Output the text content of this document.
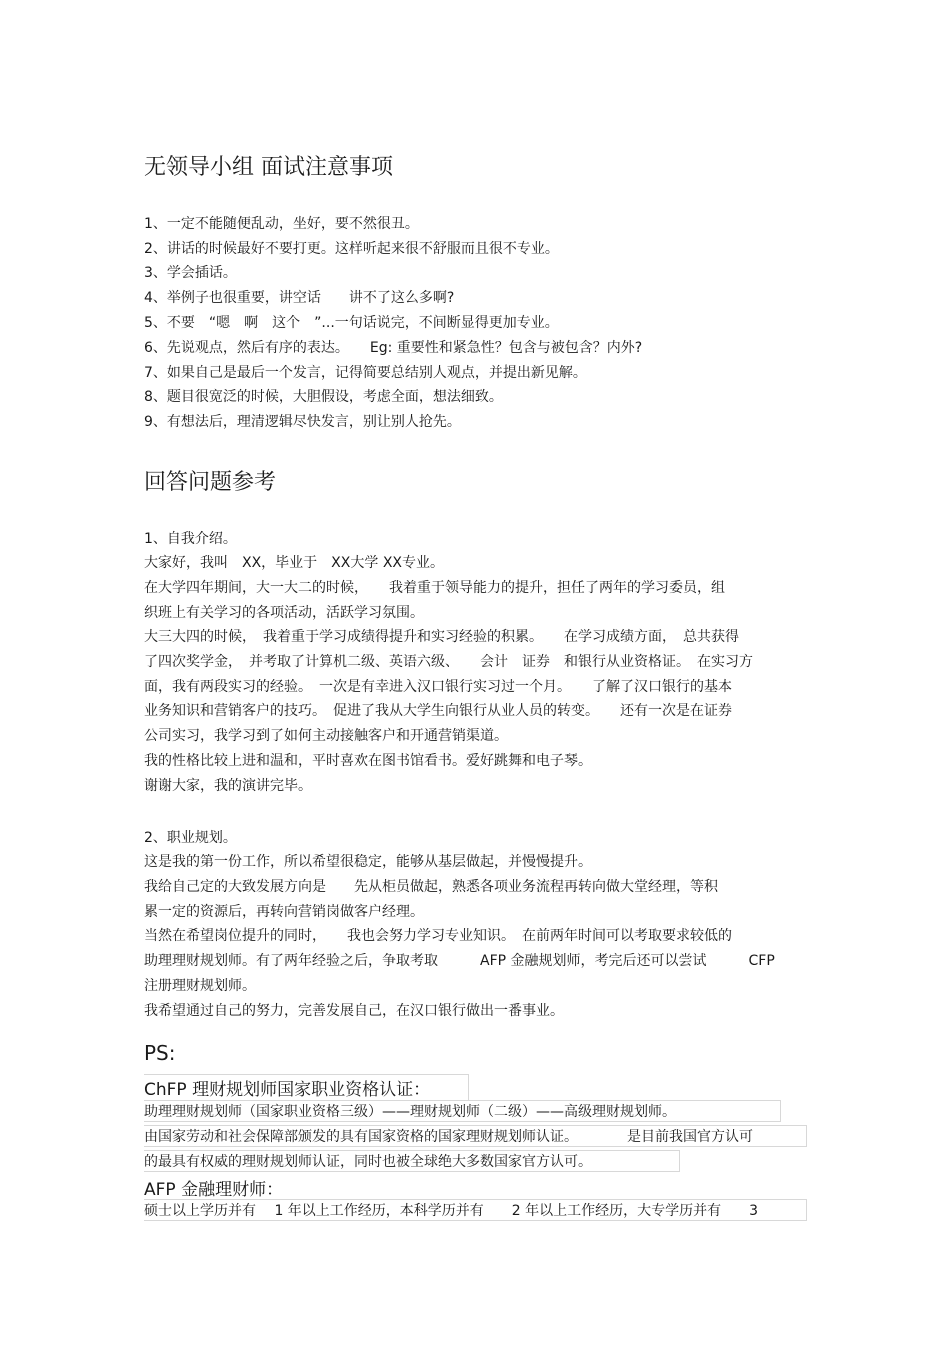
无领导小组 面试注意事项
1、一定不能随便乱动，坐好，要不然很丑。
2、讲话的时候最好不要打更。这样听起来很不舒服而且很不专业。
3、学会插话。
4、举例子也很重要，讲空话　　讲不了这么多啊?
5、不要　“嗯　啊　这个　”...一句话说完，不间断显得更加专业。
6、先说观点，然后有序的表达。　　Eg: 重要性和紧急性？包含与被包含？内外?
7、如果自己是最后一个发言，记得简要总结别人观点，并提出新见解。
8、题目很宽泛的时候，大胆假设，考虑全面，想法细致。
9、有想法后，理清逻辑尽快发言，别让别人抢先。
回答问题参考
1、自我介绍。
大家好，我叫　XX，毕业于　XX大学 XX专业。
在大学四年期间，大一大二的时候，　　我着重于领导能力的提升，担任了两年的学习委员，组
织班上有关学习的各项活动，活跃学习氛围。
大三大四的时候，　我着重于学习成绩得提升和实习经验的积累。　　在学习成绩方面，　总共获得
了四次奖学金，　并考取了计算机二级、英语六级、　　会计　证券　和银行从业资格证。　在实习方
面，我有两段实习的经验。　一次是有幸进入汉口银行实习过一个月。　　了解了汉口银行的基本
业务知识和营销客户的技巧。　促进了我从大学生向银行从业人员的转变。　　还有一次是在证券
公司实习，我学习到了如何主动接触客户和开通营销渠道。
我的性格比较上进和温和，平时喜欢在图书馆看书。爱好跳舞和电子琴。
谢谢大家，我的演讲完毕。
2、职业规划。
这是我的第一份工作，所以希望很稳定，能够从基层做起，并慢慢提升。
我给自己定的大致发展方向是　　先从柜员做起，熟悉各项业务流程再转向做大堂经理，等积
累一定的资源后，再转向营销岗做客户经理。
当然在希望岗位提升的同时，　　我也会努力学习专业知识。　在前两年时间可以考取要求较低的
助理理财规划师。有了两年经验之后，争取考取　　　AFP 金融规划师，考完后还可以尝试　　　CFP
注册理财规划师。
我希望通过自己的努力，完善发展自己，在汉口银行做出一番事业。
PS:
ChFP 理财规划师国家职业资格认证：
助理理财规划师（国家职业资格三级）——理财规划师（二级）——高级理财规划师。
由国家劳动和社会保障部颁发的具有国家资格的国家理财规划师认证。　　　　是目前我国官方认可
的最具有权威的理财规划师认证，同时也被全球绝大多数国家官方认可。
AFP 金融理财师：
硕士以上学历并有　 1 年以上工作经历，本科学历并有　　2 年以上工作经历，大专学历并有　　3
